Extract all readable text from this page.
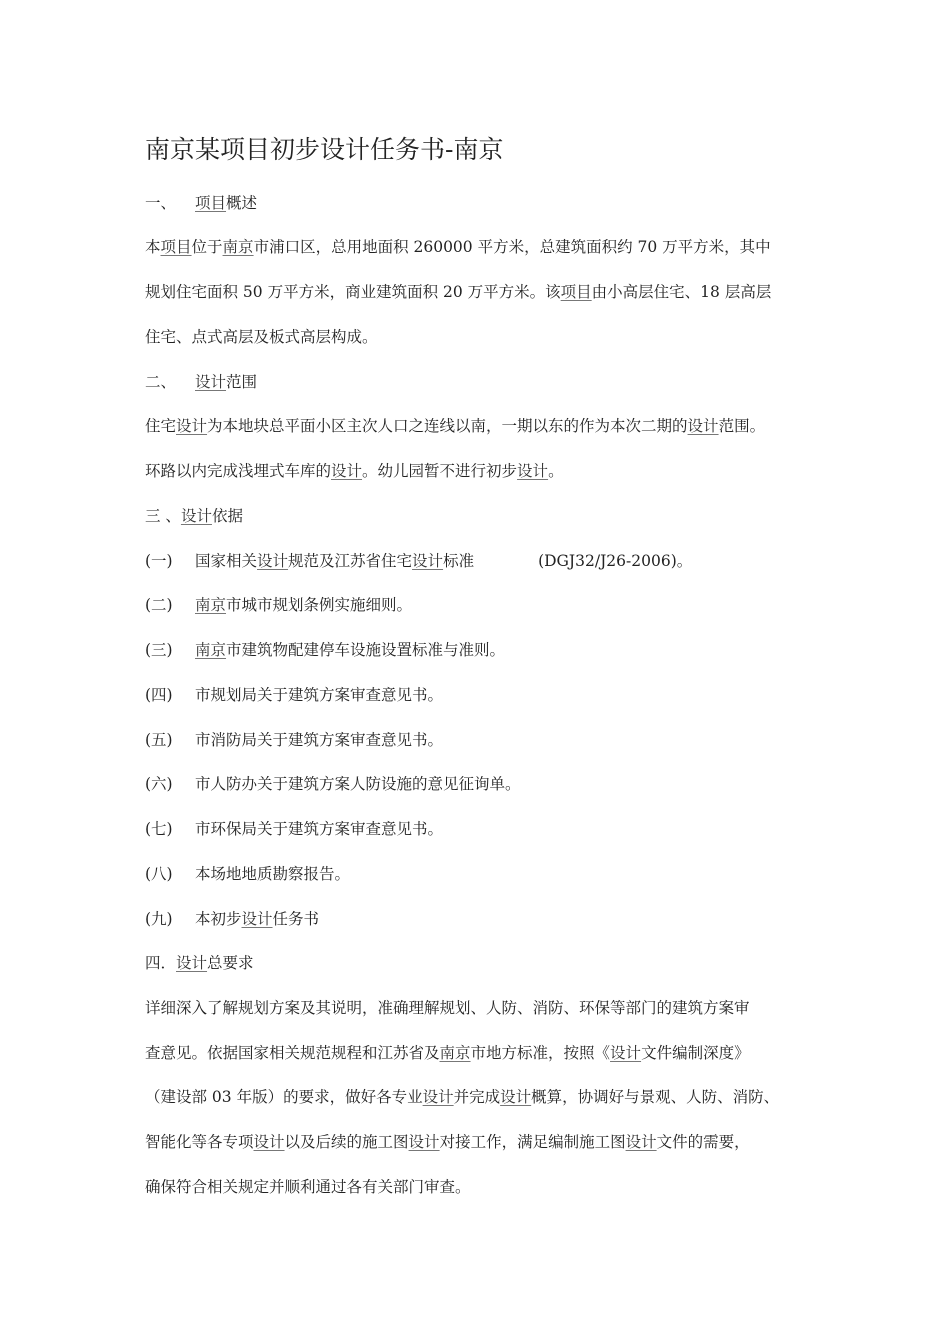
南京某项目初步设计任务书-南京
一、 项目概述
本项目位于南京市浦口区，总用地面积 260000 平方米，总建筑面积约 70 万平方米，其中
规划住宅面积 50 万平方米，商业建筑面积 20 万平方米。该项目由小高层住宅、18 层高层
住宅、点式高层及板式高层构成。
二、 设计范围
住宅设计为本地块总平面小区主次人口之连线以南，一期以东的作为本次二期的设计范围。
环路以内完成浅埋式车库的设计。幼儿园暂不进行初步设计。
三 、设计依据
(一) 国家相关设计规范及江苏省住宅设计标准	(DGJ32/J26-2006)。
(二) 南京市城市规划条例实施细则。
(三) 南京市建筑物配建停车设施设置标准与准则。
(四) 市规划局关于建筑方案审查意见书。
(五) 市消防局关于建筑方案审查意见书。
(六) 市人防办关于建筑方案人防设施的意见征询单。
(七) 市环保局关于建筑方案审查意见书。
(八) 本场地地质勘察报告。
(九) 本初步设计任务书
四．设计总要求
详细深入了解规划方案及其说明，准确理解规划、人防、消防、环保等部门的建筑方案审
查意见。依据国家相关规范规程和江苏省及南京市地方标准，按照《设计文件编制深度》
（建设部 03 年版）的要求，做好各专业设计并完成设计概算，协调好与景观、人防、消防、
智能化等各专项设计以及后续的施工图设计对接工作，满足编制施工图设计文件的需要，
确保符合相关规定并顺利通过各有关部门审查。
